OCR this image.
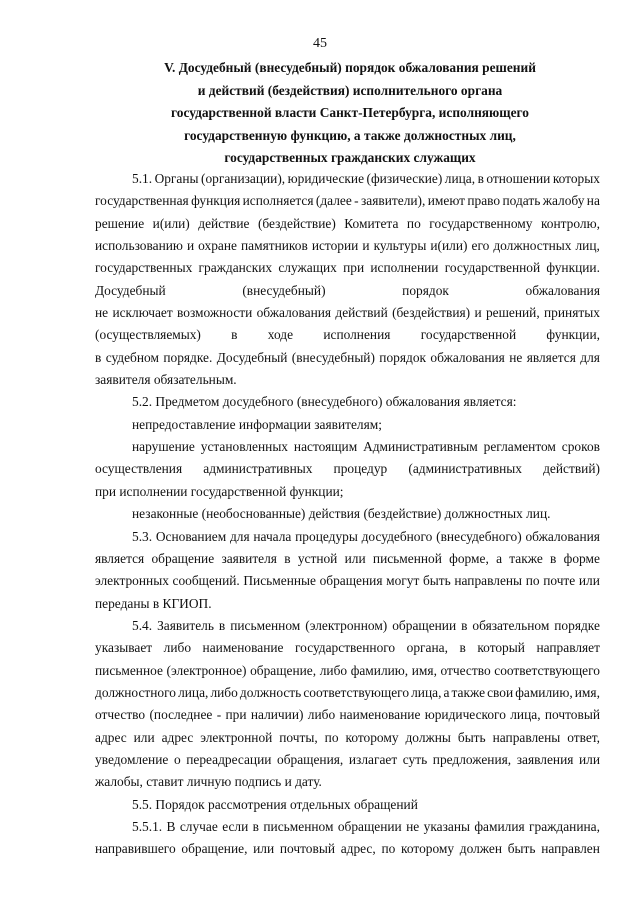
45
V. Досудебный (внесудебный) порядок обжалования решений
и действий (бездействия) исполнительного органа
государственной власти Санкт-Петербурга, исполняющего
государственную функцию, а также должностных лиц,
государственных гражданских служащих
5.1. Органы (организации), юридические (физические) лица, в отношении которых
государственная функция исполняется (далее - заявители), имеют право подать жалобу на
решение и(или) действие (бездействие) Комитета по государственному контролю,
использованию и охране памятников истории и культуры и(или) его должностных лиц,
государственных гражданских служащих при исполнении государственной функции.
Досудебный	(внесудебный)	порядок	обжалования
не исключает возможности обжалования действий (бездействия) и решений, принятых
(осуществляемых) в ходе исполнения государственной функции,
в судебном порядке. Досудебный (внесудебный) порядок обжалования не является для
заявителя обязательным.
5.2. Предметом досудебного (внесудебного) обжалования является:
непредоставление информации заявителям;
нарушение установленных настоящим Административным регламентом сроков
осуществления административных процедур (административных действий)
при исполнении государственной функции;
незаконные (необоснованные) действия (бездействие) должностных лиц.
5.3. Основанием для начала процедуры досудебного (внесудебного) обжалования
является обращение заявителя в устной или письменной форме, а также в форме
электронных сообщений. Письменные обращения могут быть направлены по почте или
переданы в КГИОП.
5.4. Заявитель в письменном (электронном) обращении в обязательном порядке
указывает либо наименование государственного органа, в который направляет
письменное (электронное) обращение, либо фамилию, имя, отчество соответствующего
должностного лица, либо должность соответствующего лица, а также свои фамилию, имя,
отчество (последнее - при наличии) либо наименование юридического лица, почтовый
адрес или адрес электронной почты, по которому должны быть направлены ответ,
уведомление о переадресации обращения, излагает суть предложения, заявления или
жалобы, ставит личную подпись и дату.
5.5. Порядок рассмотрения отдельных обращений
5.5.1. В случае если в письменном обращении не указаны фамилия гражданина,
направившего обращение, или почтовый адрес, по которому должен быть направлен
